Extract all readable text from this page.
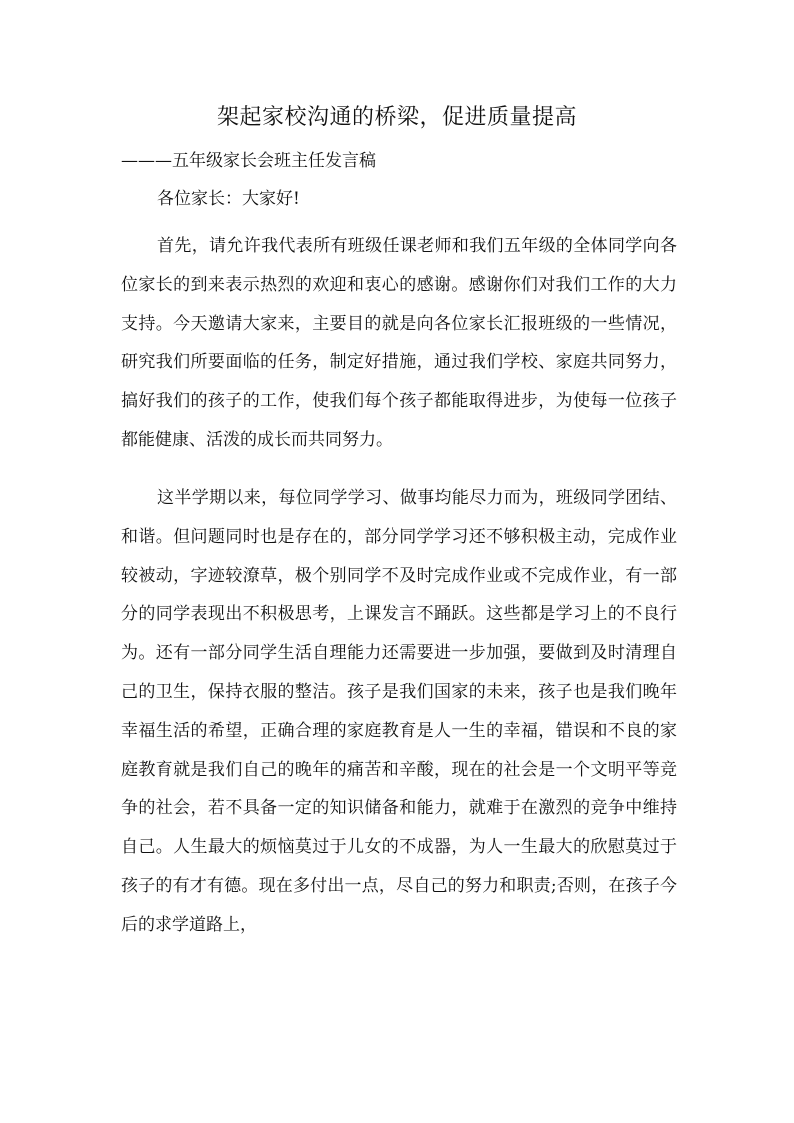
架起家校沟通的桥梁，促进质量提高

———五年级家长会班主任发言稿

各位家长：大家好!

首先，请允许我代表所有班级任课老师和我们五年级的全体同学向各位家长的到来表示热烈的欢迎和衷心的感谢。感谢你们对我们工作的大力支持。今天邀请大家来，主要目的就是向各位家长汇报班级的一些情况，研究我们所要面临的任务，制定好措施，通过我们学校、家庭共同努力，搞好我们的孩子的工作，使我们每个孩子都能取得进步，为使每一位孩子都能健康、活泼的成长而共同努力。

这半学期以来，每位同学学习、做事均能尽力而为，班级同学团结、和谐。但问题同时也是存在的，部分同学学习还不够积极主动，完成作业较被动，字迹较潦草，极个别同学不及时完成作业或不完成作业，有一部分的同学表现出不积极思考，上课发言不踊跃。这些都是学习上的不良行为。还有一部分同学生活自理能力还需要进一步加强，要做到及时清理自己的卫生，保持衣服的整洁。孩子是我们国家的未来，孩子也是我们晚年幸福生活的希望，正确合理的家庭教育是人一生的幸福，错误和不良的家庭教育就是我们自己的晚年的痛苦和辛酸，现在的社会是一个文明平等竞争的社会，若不具备一定的知识储备和能力，就难于在激烈的竞争中维持自己。人生最大的烦恼莫过于儿女的不成器，为人一生最大的欣慰莫过于孩子的有才有德。现在多付出一点，尽自己的努力和职责;否则，在孩子今后的求学道路上，
